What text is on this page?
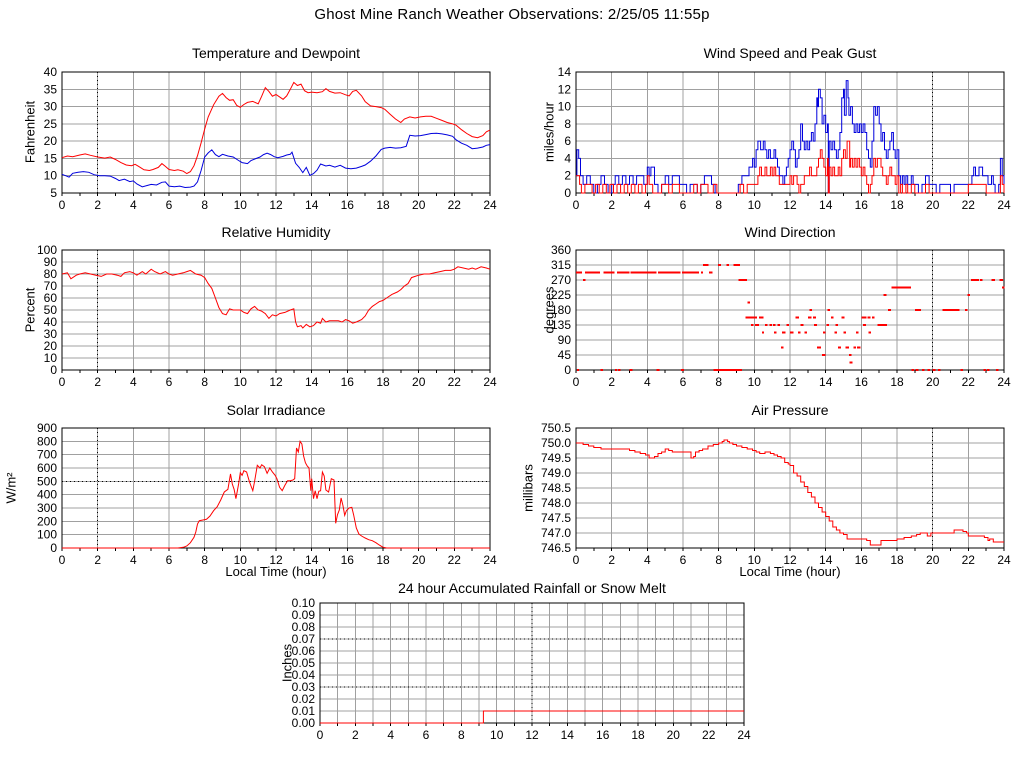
Ghost Mine Ranch Weather Observations: 2/25/05 11:55p
Temperature and Dewpoint
Fahrenheit
0 2 4 6 8 10 12 14 16 18 20 22 24
5
10
15
20
25
30
35
40
Wind Speed and Peak Gust
miles/hour
0 2 4 6 8 10 12 14 16 18 20 22 24
0
2
4
6
8
10
12
14
Relative Humidity
Percent
0 2 4 6 8 10 12 14 16 18 20 22 24
0
10
20
30
40
50
60
70
80
90
100
Wind Direction
degrees
0 2 4 6 8 10 12 14 16 18 20 22 24
0
45
90
135
180
225
270
315
360
Solar Irradiance
W/m²
0 2 4 6 8 10 12 14 16 18 20 22 24
0
100
200
300
400
500
600
700
800
900
Local Time (hour)
Air Pressure
millibars
0 2 4 6 8 10 12 14 16 18 20 22 24
746.5
747.0
747.5
748.0
748.5
749.0
749.5
750.0
750.5
Local Time (hour)
24 hour Accumulated Rainfall or Snow Melt
Inches
0 2 4 6 8 10 12 14 16 18 20 22 24
0.00
0.01
0.02
0.03
0.04
0.05
0.06
0.07
0.08
0.09
0.10
